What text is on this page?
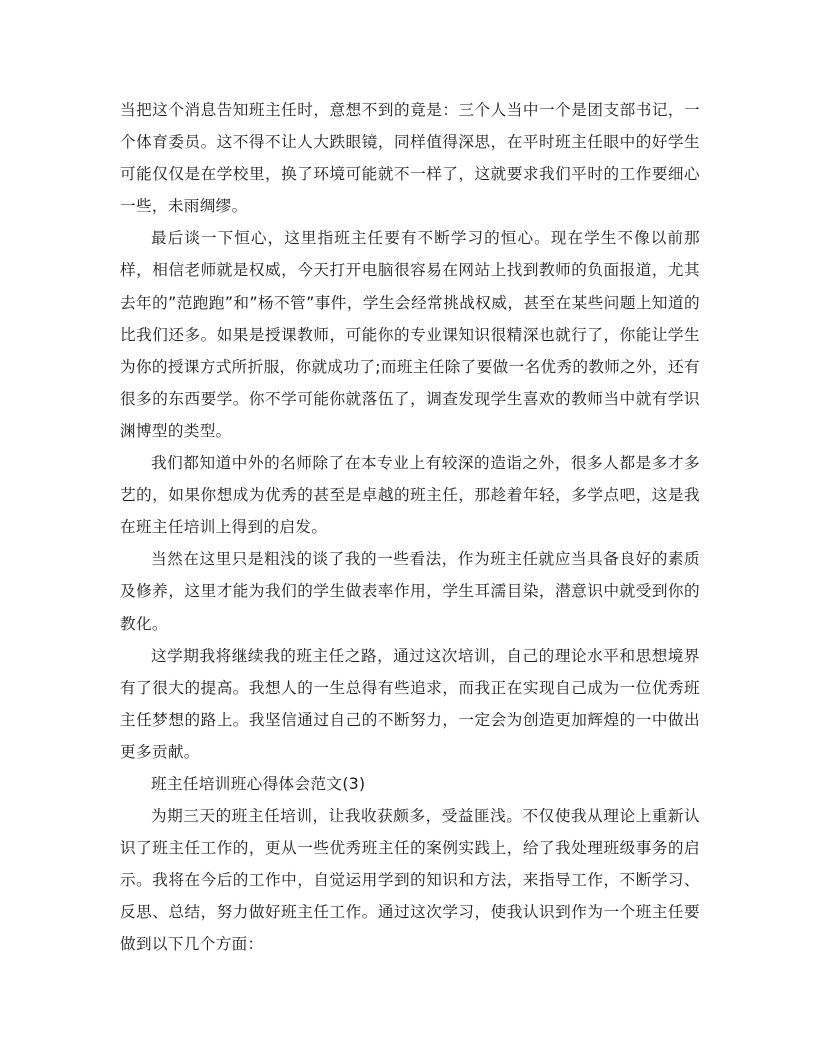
当把这个消息告知班主任时，意想不到的竟是：三个人当中一个是团支部书记，一个体育委员。这不得不让人大跌眼镜，同样值得深思，在平时班主任眼中的好学生可能仅仅是在学校里，换了环境可能就不一样了，这就要求我们平时的工作要细心一些，未雨绸缪。

最后谈一下恒心，这里指班主任要有不断学习的恒心。现在学生不像以前那样，相信老师就是权威，今天打开电脑很容易在网站上找到教师的负面报道，尤其去年的”范跑跑”和”杨不管”事件，学生会经常挑战权威，甚至在某些问题上知道的比我们还多。如果是授课教师，可能你的专业课知识很精深也就行了，你能让学生为你的授课方式所折服，你就成功了;而班主任除了要做一名优秀的教师之外，还有很多的东西要学。你不学可能你就落伍了，调查发现学生喜欢的教师当中就有学识渊博型的类型。

我们都知道中外的名师除了在本专业上有较深的造诣之外，很多人都是多才多艺的，如果你想成为优秀的甚至是卓越的班主任，那趁着年轻，多学点吧，这是我在班主任培训上得到的启发。

当然在这里只是粗浅的谈了我的一些看法，作为班主任就应当具备良好的素质及修养，这里才能为我们的学生做表率作用，学生耳濡目染，潜意识中就受到你的教化。

这学期我将继续我的班主任之路，通过这次培训，自己的理论水平和思想境界有了很大的提高。我想人的一生总得有些追求，而我正在实现自己成为一位优秀班主任梦想的路上。我坚信通过自己的不断努力，一定会为创造更加辉煌的一中做出更多贡献。

班主任培训班心得体会范文(3)

为期三天的班主任培训，让我收获颇多，受益匪浅。不仅使我从理论上重新认识了班主任工作的，更从一些优秀班主任的案例实践上，给了我处理班级事务的启示。我将在今后的工作中，自觉运用学到的知识和方法，来指导工作，不断学习、反思、总结，努力做好班主任工作。通过这次学习，使我认识到作为一个班主任要做到以下几个方面：
